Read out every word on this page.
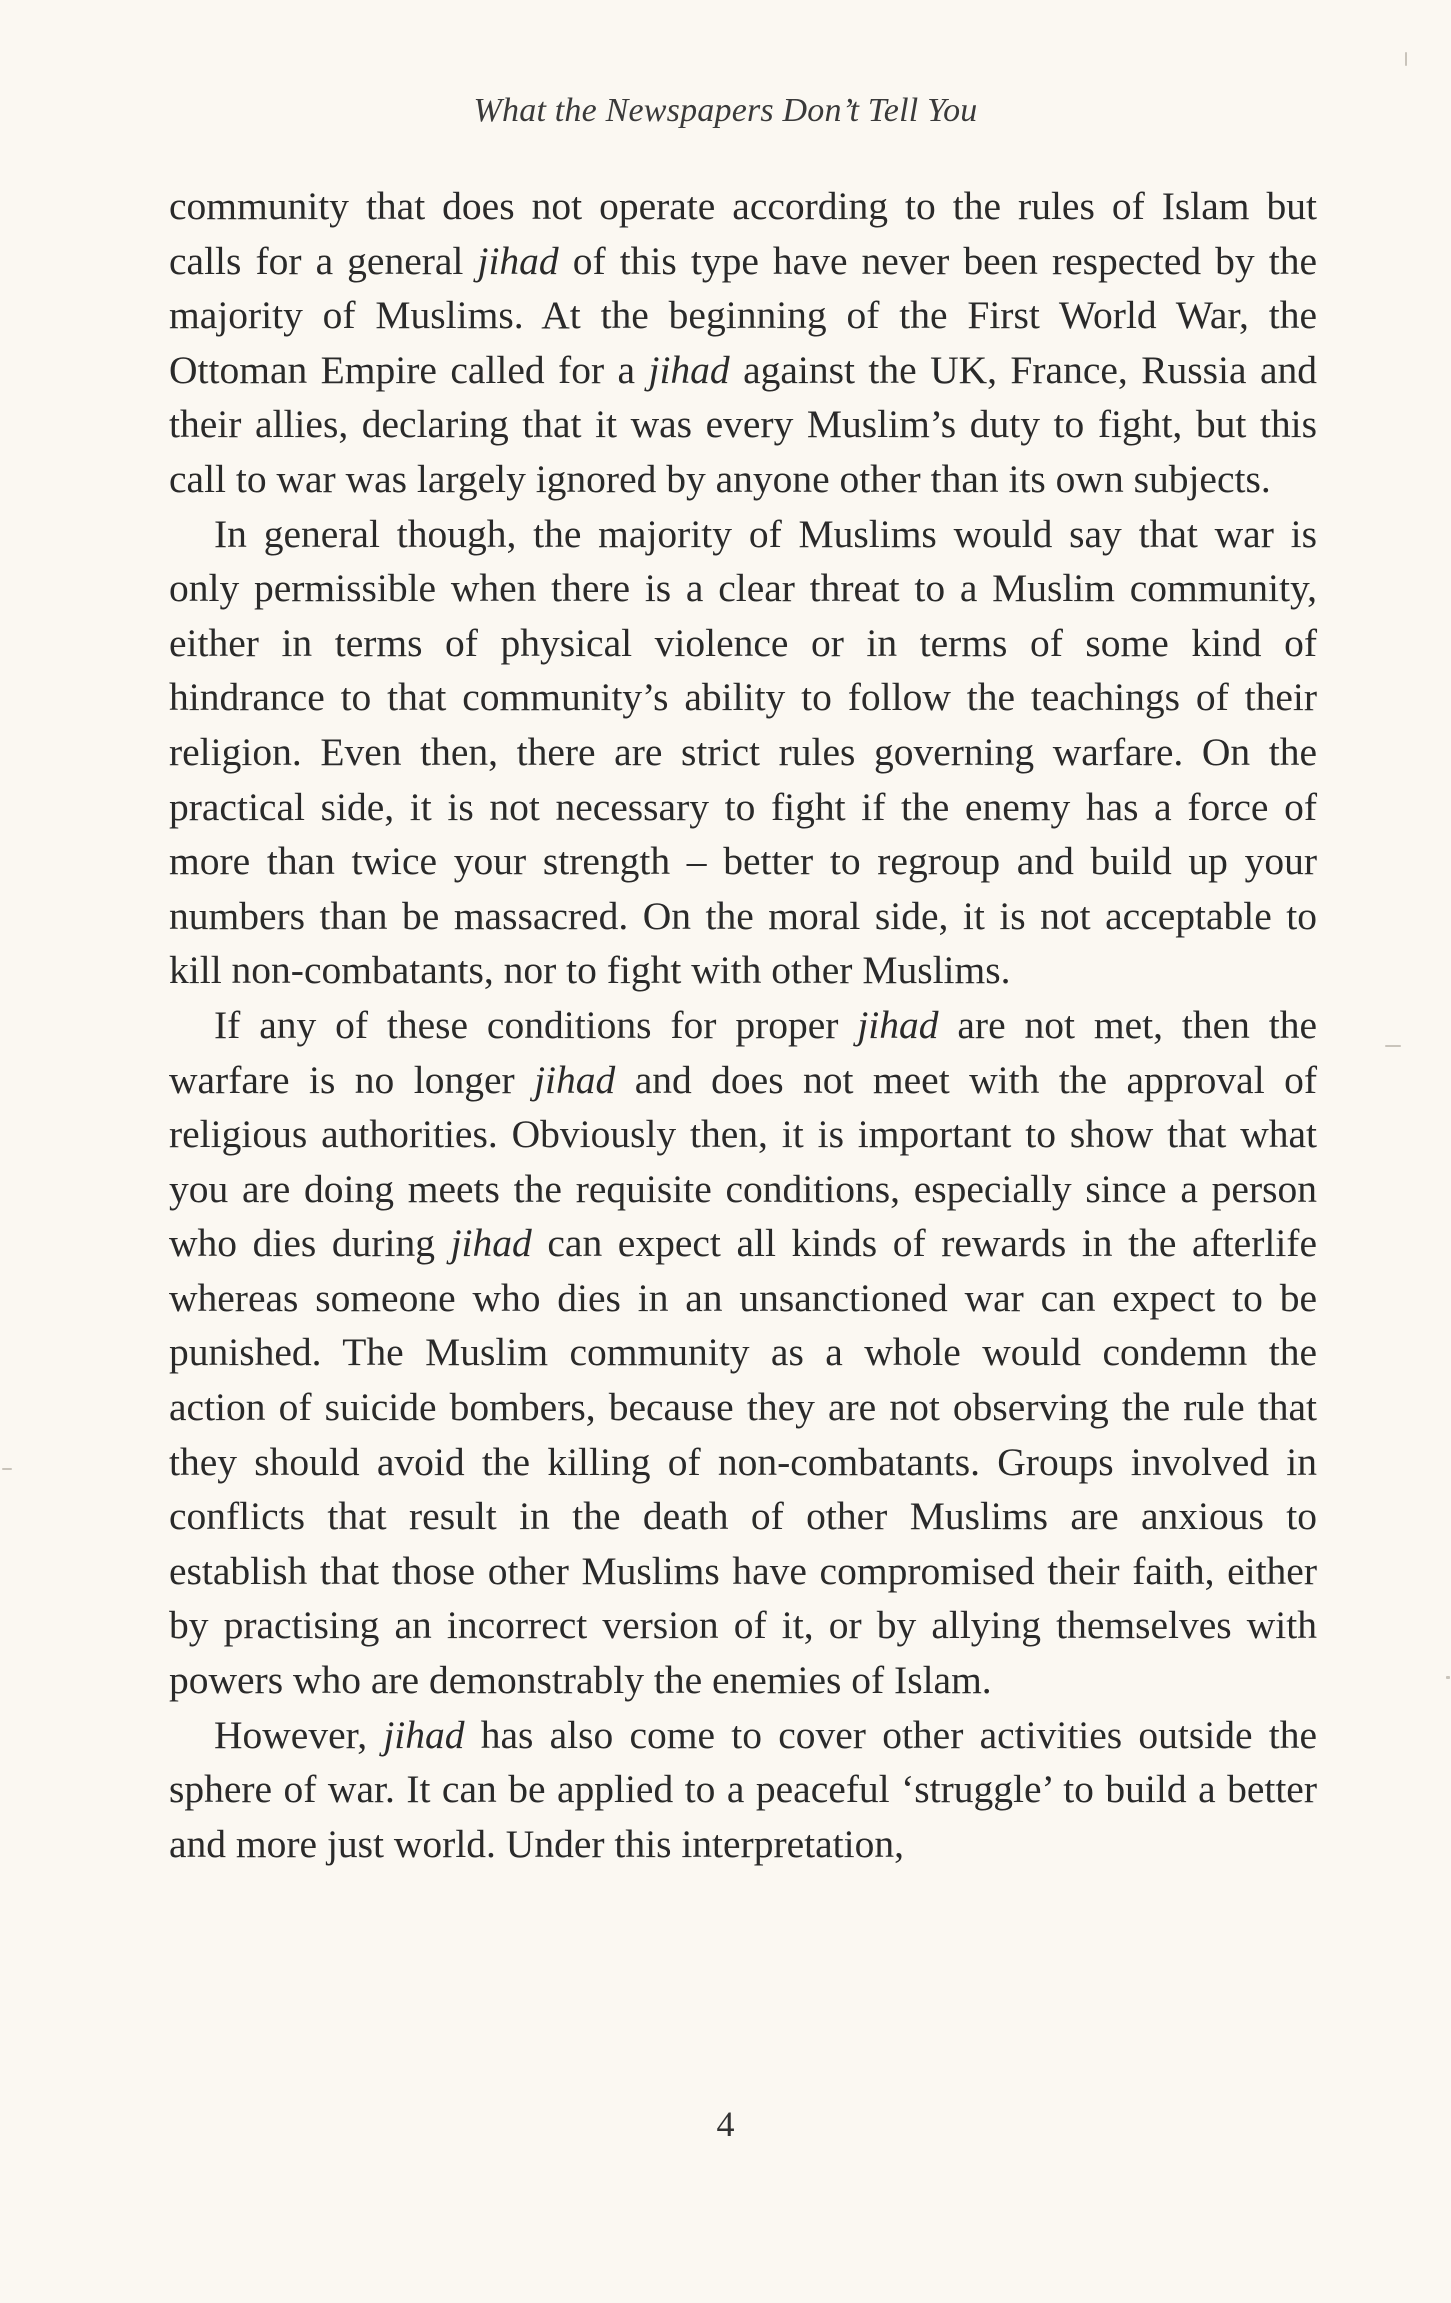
What the Newspapers Don’t Tell You

community that does not operate according to the rules of Islam but calls for a general jihad of this type have never been respected by the majority of Muslims. At the beginning of the First World War, the Ottoman Empire called for a jihad against the UK, France, Russia and their allies, declaring that it was every Muslim’s duty to fight, but this call to war was largely ignored by anyone other than its own subjects.

In general though, the majority of Muslims would say that war is only permissible when there is a clear threat to a Muslim community, either in terms of physical violence or in terms of some kind of hindrance to that community’s ability to follow the teachings of their religion. Even then, there are strict rules governing warfare. On the practical side, it is not necessary to fight if the enemy has a force of more than twice your strength – better to regroup and build up your numbers than be massacred. On the moral side, it is not acceptable to kill non-combatants, nor to fight with other Muslims.

If any of these conditions for proper jihad are not met, then the warfare is no longer jihad and does not meet with the approval of religious authorities. Obviously then, it is important to show that what you are doing meets the requisite conditions, especially since a person who dies during jihad can expect all kinds of rewards in the afterlife whereas someone who dies in an unsanctioned war can expect to be punished. The Muslim community as a whole would condemn the action of suicide bombers, because they are not observing the rule that they should avoid the killing of non-combatants. Groups involved in conflicts that result in the death of other Muslims are anxious to establish that those other Muslims have compromised their faith, either by practising an incorrect version of it, or by allying themselves with powers who are demonstrably the enemies of Islam.

However, jihad has also come to cover other activities outside the sphere of war. It can be applied to a peaceful ‘struggle’ to build a better and more just world. Under this interpretation,

4
